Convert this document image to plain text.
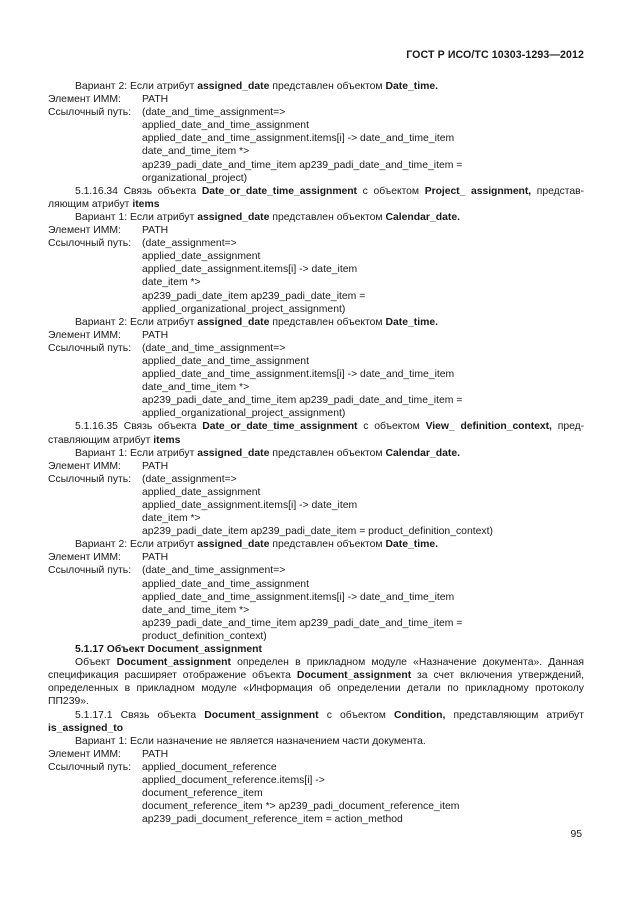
ГОСТ Р ИСО/ТС 10303-1293—2012
Вариант 2: Если атрибут assigned_date представлен объектом Date_time.
Элемент ИММ:	PATH
Ссылочный путь:	(date_and_time_assignment=>
applied_date_and_time_assignment
applied_date_and_time_assignment.items[i] -> date_and_time_item
date_and_time_item *>
ap239_padi_date_and_time_item ap239_padi_date_and_time_item =
organizational_project)
5.1.16.34 Связь объекта Date_or_date_time_assignment с объектом Project_ assignment, представ-
ляющим атрибут items
Вариант 1: Если атрибут assigned_date представлен объектом Calendar_date.
Элемент ИММ:	PATH
Ссылочный путь:	(date_assignment=>
applied_date_assignment
applied_date_assignment.items[i] -> date_item
date_item *>
ap239_padi_date_item ap239_padi_date_item =
applied_organizational_project_assignment)
Вариант 2: Если атрибут assigned_date представлен объектом Date_time.
Элемент ИММ:	PATH
Ссылочный путь:	(date_and_time_assignment=>
applied_date_and_time_assignment
applied_date_and_time_assignment.items[i] -> date_and_time_item
date_and_time_item *>
ap239_padi_date_and_time_item ap239_padi_date_and_time_item =
applied_organizational_project_assignment)
5.1.16.35 Связь объекта Date_or_date_time_assignment с объектом View_ definition_context, пред-
ставляющим атрибут items
Вариант 1: Если атрибут assigned_date представлен объектом Calendar_date.
Элемент ИММ:	PATH
Ссылочный путь:	(date_assignment=>
applied_date_assignment
applied_date_assignment.items[i] -> date_item
date_item *>
ap239_padi_date_item ap239_padi_date_item = product_definition_context)
Вариант 2: Если атрибут assigned_date представлен объектом Date_time.
Элемент ИММ:	PATH
Ссылочный путь:	(date_and_time_assignment=>
applied_date_and_time_assignment
applied_date_and_time_assignment.items[i] -> date_and_time_item
date_and_time_item *>
ap239_padi_date_and_time_item ap239_padi_date_and_time_item =
product_definition_context)
5.1.17 Объект Document_assignment
Объект Document_assignment определен в прикладном модуле «Назначение документа». Данная
спецификация расширяет отображение объекта Document_assignment за счет включения утверждений,
определенных в прикладном модуле «Информация об определении детали по прикладному протоколу
ПП239».
5.1.17.1 Связь объекта Document_assignment с объектом Condition, представляющим атрибут
is_assigned_to
Вариант 1: Если назначение не является назначением части документа.
Элемент ИММ:	PATH
Ссылочный путь:	applied_document_reference
applied_document_reference.items[i] ->
document_reference_item
document_reference_item *> ap239_padi_document_reference_item
ap239_padi_document_reference_item = action_method
95
